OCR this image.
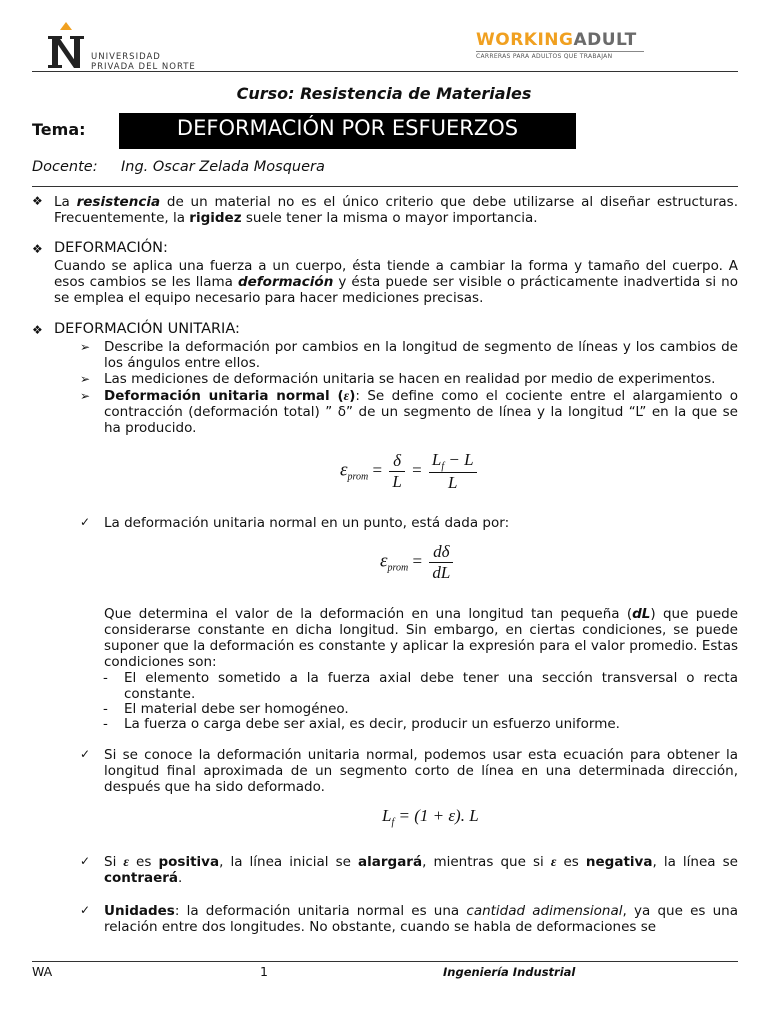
UNIVERSIDAD
PRIVADA DEL NORTE
WORKINGADULT
CARRERAS PARA ADULTOS QUE TRABAJAN
Curso: Resistencia de Materiales
Tema:	DEFORMACIÓN POR ESFUERZOS
Docente: Ing. Oscar Zelada Mosquera
❖ La resistencia de un material no es el único criterio que debe utilizarse al diseñar estructuras. Frecuentemente, la rigidez suele tener la misma o mayor importancia.
❖ DEFORMACIÓN:
Cuando se aplica una fuerza a un cuerpo, ésta tiende a cambiar la forma y tamaño del cuerpo. A esos cambios se les llama deformación y ésta puede ser visible o prácticamente inadvertida si no se emplea el equipo necesario para hacer mediciones precisas.
❖ DEFORMACIÓN UNITARIA:
➢ Describe la deformación por cambios en la longitud de segmento de líneas y los cambios de los ángulos entre ellos.
➢ Las mediciones de deformación unitaria se hacen en realidad por medio de experimentos.
➢ Deformación unitaria normal (ε): Se define como el cociente entre el alargamiento o contracción (deformación total) ” δ” de un segmento de línea y la longitud “L” en la que se ha producido.
$\varepsilon_{prom} = \frac{\delta}{L} = \frac{L_f - L}{L}$
✓ La deformación unitaria normal en un punto, está dada por:
$\varepsilon_{prom} = \frac{d\delta}{dL}$
Que determina el valor de la deformación en una longitud tan pequeña (dL) que puede considerarse constante en dicha longitud. Sin embargo, en ciertas condiciones, se puede suponer que la deformación es constante y aplicar la expresión para el valor promedio. Estas condiciones son:
- El elemento sometido a la fuerza axial debe tener una sección transversal o recta constante.
- El material debe ser homogéneo.
- La fuerza o carga debe ser axial, es decir, producir un esfuerzo uniforme.
✓ Si se conoce la deformación unitaria normal, podemos usar esta ecuación para obtener la longitud final aproximada de un segmento corto de línea en una determinada dirección, después que ha sido deformado.
$L_f = (1 + \varepsilon)$. L
✓ Si ε es positiva, la línea inicial se alargará, mientras que si ε es negativa, la línea se contraerá.
✓ Unidades: la deformación unitaria normal es una cantidad adimensional, ya que es una relación entre dos longitudes. No obstante, cuando se habla de deformaciones se
WA	1	Ingeniería Industrial
